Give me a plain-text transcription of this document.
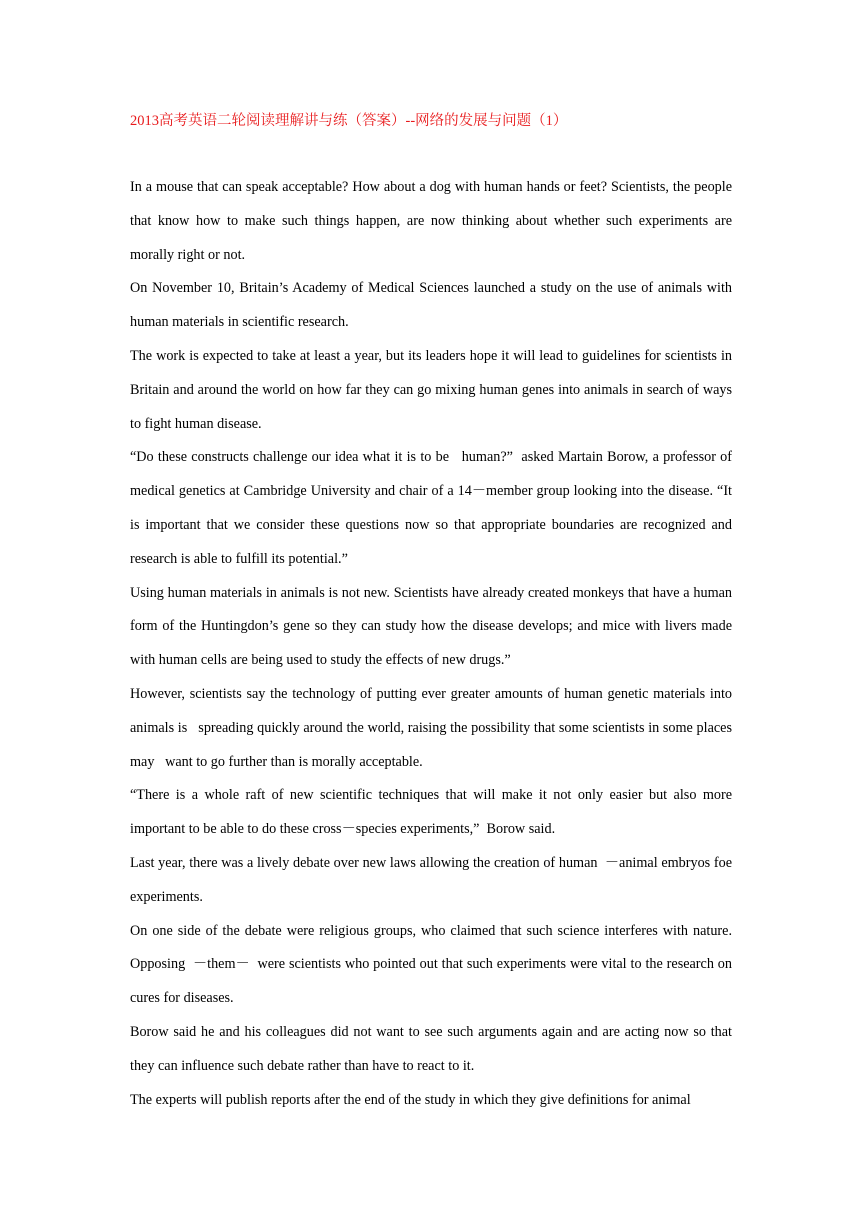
2013高考英语二轮阅读理解讲与练（答案）--网络的发展与问题（1）

In a mouse that can speak acceptable? How about a dog with human hands or feet? Scientists, the people that know how to make such things happen, are now thinking about whether such experiments are morally right or not.

On November 10, Britain’s Academy of Medical Sciences launched a study on the use of animals with human materials in scientific research.

The work is expected to take at least a year, but its leaders hope it will lead to guidelines for scientists in Britain and around the world on how far they can go mixing human genes into animals in search of ways to fight human disease.

“Do these constructs challenge our idea what it is to be   human?”  asked Martain Borow, a professor of medical genetics at Cambridge University and chair of a 14－member group looking into the disease. “It is important that we consider these questions now so that appropriate boundaries are recognized and research is able to fulfill its potential.”

Using human materials in animals is not new. Scientists have already created monkeys that have a human form of the Huntingdon’s gene so they can study how the disease develops; and mice with livers made with human cells are being used to study the effects of new drugs.”

However, scientists say the technology of putting ever greater amounts of human genetic materials into   animals is   spreading quickly around the world, raising the possibility that some scientists in some places may   want to go further than is morally acceptable.

“There is a whole raft of new scientific techniques that will make it not only easier but also more important to be able to do these cross－species experiments,”  Borow said.

Last year, there was a lively debate over new laws allowing the creation of human  －animal embryos foe experiments.

On one side of the debate were religious groups, who claimed that such science interferes with nature. Opposing  －them－  were scientists who pointed out that such experiments were vital to the research on cures for diseases.

Borow said he and his colleagues did not want to see such arguments again and are acting now so that they can influence such debate rather than have to react to it.

The experts will publish reports after the end of the study in which they give definitions for animal
